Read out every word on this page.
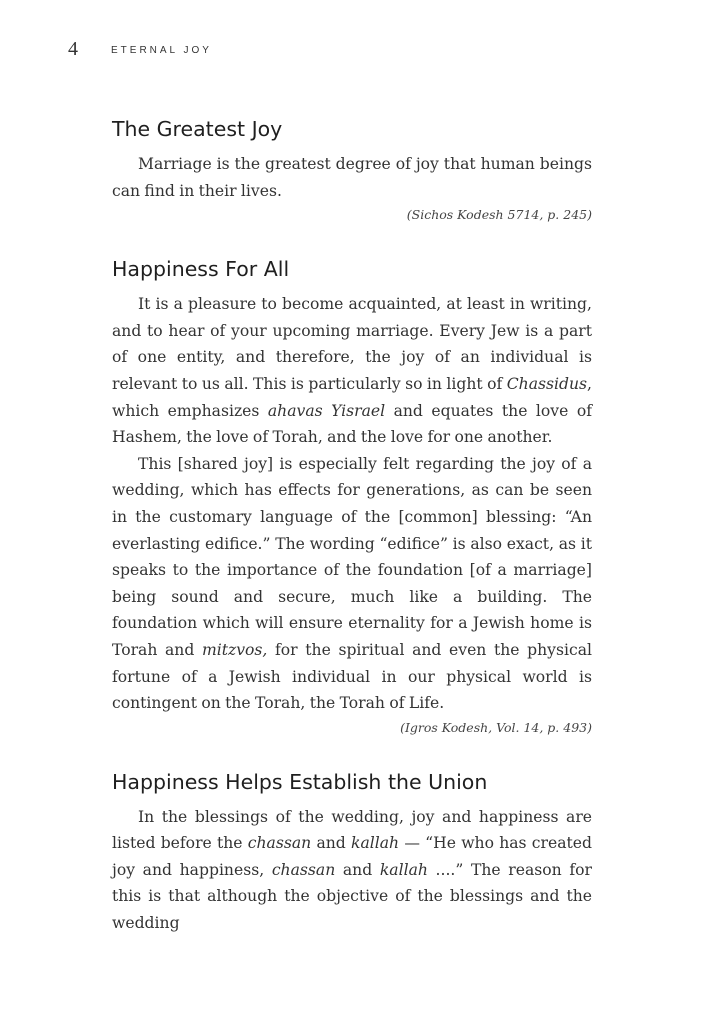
4	ETERNAL JOY
The Greatest Joy

Marriage is the greatest degree of joy that human beings can find in their lives.

(Sichos Kodesh 5714, p. 245)
Happiness For All

It is a pleasure to become acquainted, at least in writing, and to hear of your upcoming marriage. Every Jew is a part of one entity, and therefore, the joy of an individual is relevant to us all. This is particularly so in light of Chassidus, which emphasizes ahavas Yisrael and equates the love of Hashem, the love of Torah, and the love for one another.

This [shared joy] is especially felt regarding the joy of a wedding, which has effects for generations, as can be seen in the customary language of the [common] blessing: “An everlasting edifice.” The wording “edifice” is also exact, as it speaks to the importance of the foundation [of a marriage] being sound and secure, much like a building. The foundation which will ensure eternality for a Jewish home is Torah and mitzvos, for the spiritual and even the physical fortune of a Jewish individual in our physical world is contingent on the Torah, the Torah of Life.

(Igros Kodesh, Vol. 14, p. 493)
Happiness Helps Establish the Union

In the blessings of the wedding, joy and happiness are listed before the chassan and kallah — “He who has created joy and happiness, chassan and kallah ....” The reason for this is that although the objective of the blessings and the wedding
